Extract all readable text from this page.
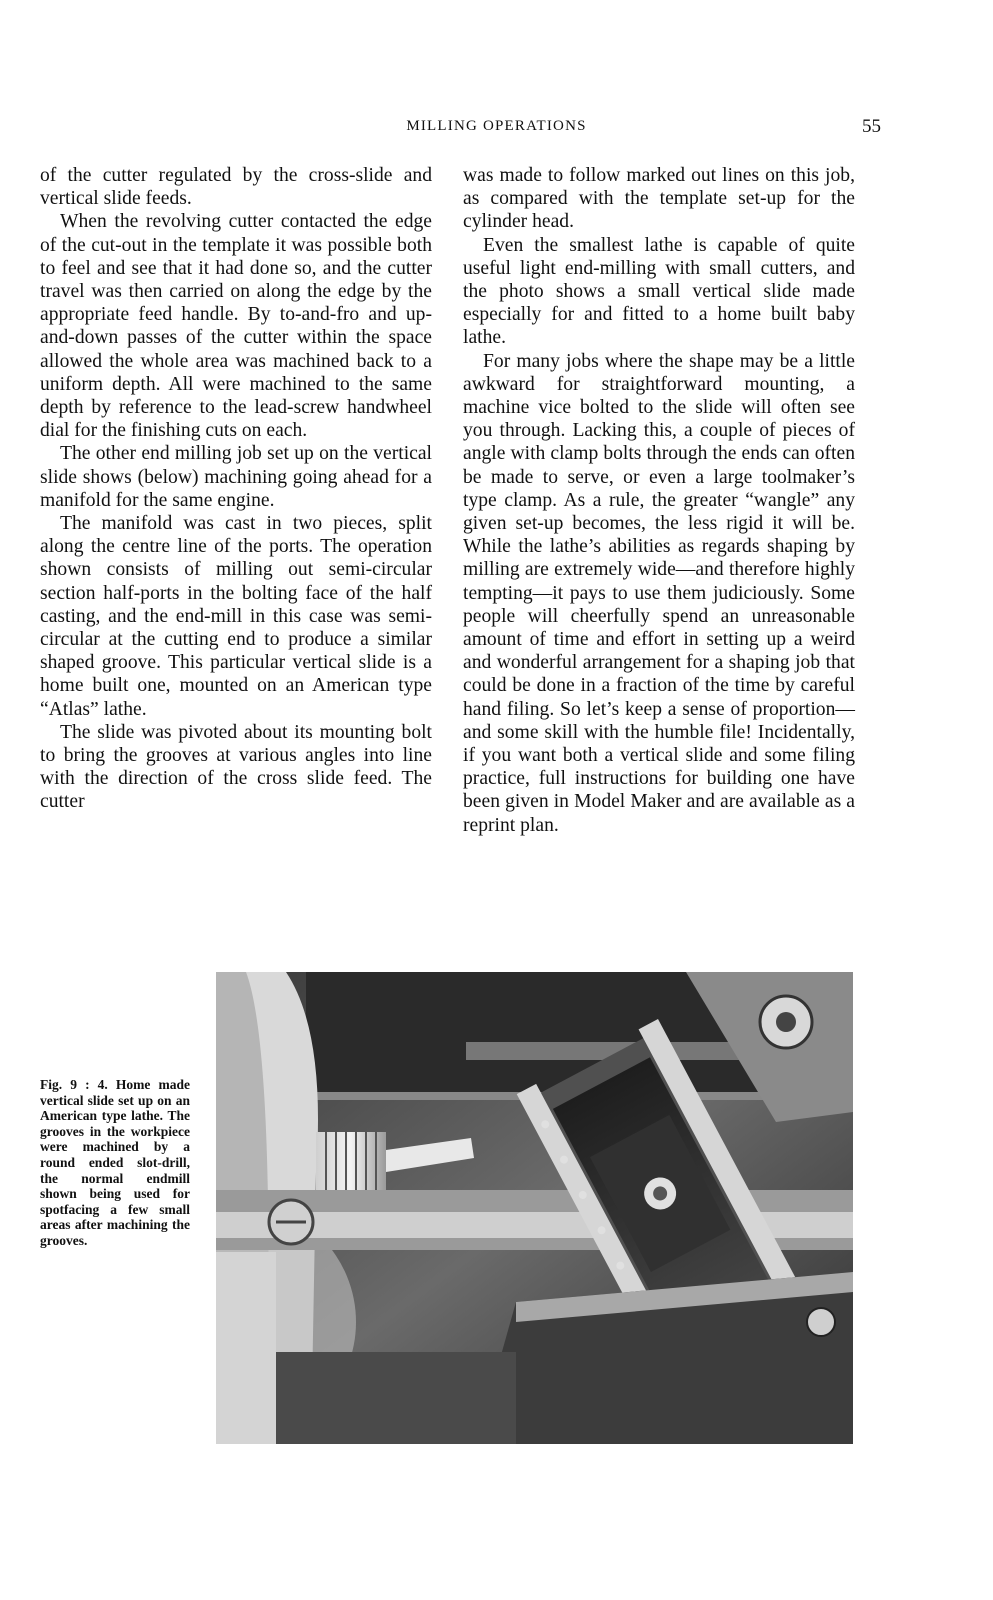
MILLING OPERATIONS	55

of the cutter regulated by the cross-slide and vertical slide feeds.

When the revolving cutter contacted the edge of the cut-out in the template it was possible both to feel and see that it had done so, and the cutter travel was then carried on along the edge by the appropriate feed handle. By to-and-fro and up-and-down passes of the cutter within the space allowed the whole area was machined back to a uniform depth. All were machined to the same depth by reference to the lead-screw handwheel dial for the finishing cuts on each.

The other end milling job set up on the vertical slide shows (below) machining going ahead for a manifold for the same engine.

The manifold was cast in two pieces, split along the centre line of the ports. The operation shown consists of milling out semi-circular section half-ports in the bolting face of the half casting, and the end-mill in this case was semi-circular at the cutting end to produce a similar shaped groove. This particular vertical slide is a home built one, mounted on an American type “Atlas” lathe.

The slide was pivoted about its mounting bolt to bring the grooves at various angles into line with the direction of the cross slide feed. The cutter

was made to follow marked out lines on this job, as compared with the template set-up for the cylinder head.

Even the smallest lathe is capable of quite useful light end-milling with small cutters, and the photo shows a small vertical slide made especially for and fitted to a home built baby lathe.

For many jobs where the shape may be a little awkward for straightforward mounting, a machine vice bolted to the slide will often see you through. Lacking this, a couple of pieces of angle with clamp bolts through the ends can often be made to serve, or even a large toolmaker’s type clamp. As a rule, the greater “wangle” any given set-up becomes, the less rigid it will be. While the lathe’s abilities as regards shaping by milling are extremely wide—and therefore highly tempting—it pays to use them judiciously. Some people will cheerfully spend an unreasonable amount of time and effort in setting up a weird and wonderful arrangement for a shaping job that could be done in a fraction of the time by careful hand filing. So let’s keep a sense of proportion—and some skill with the humble file! Incidentally, if you want both a vertical slide and some filing practice, full instructions for building one have been given in Model Maker and are available as a reprint plan.

Fig. 9 : 4. Home made vertical slide set up on an American type lathe. The grooves in the workpiece were machined by a round ended slot-drill, the normal endmill shown being used for spotfacing a few small areas after machining the grooves.
